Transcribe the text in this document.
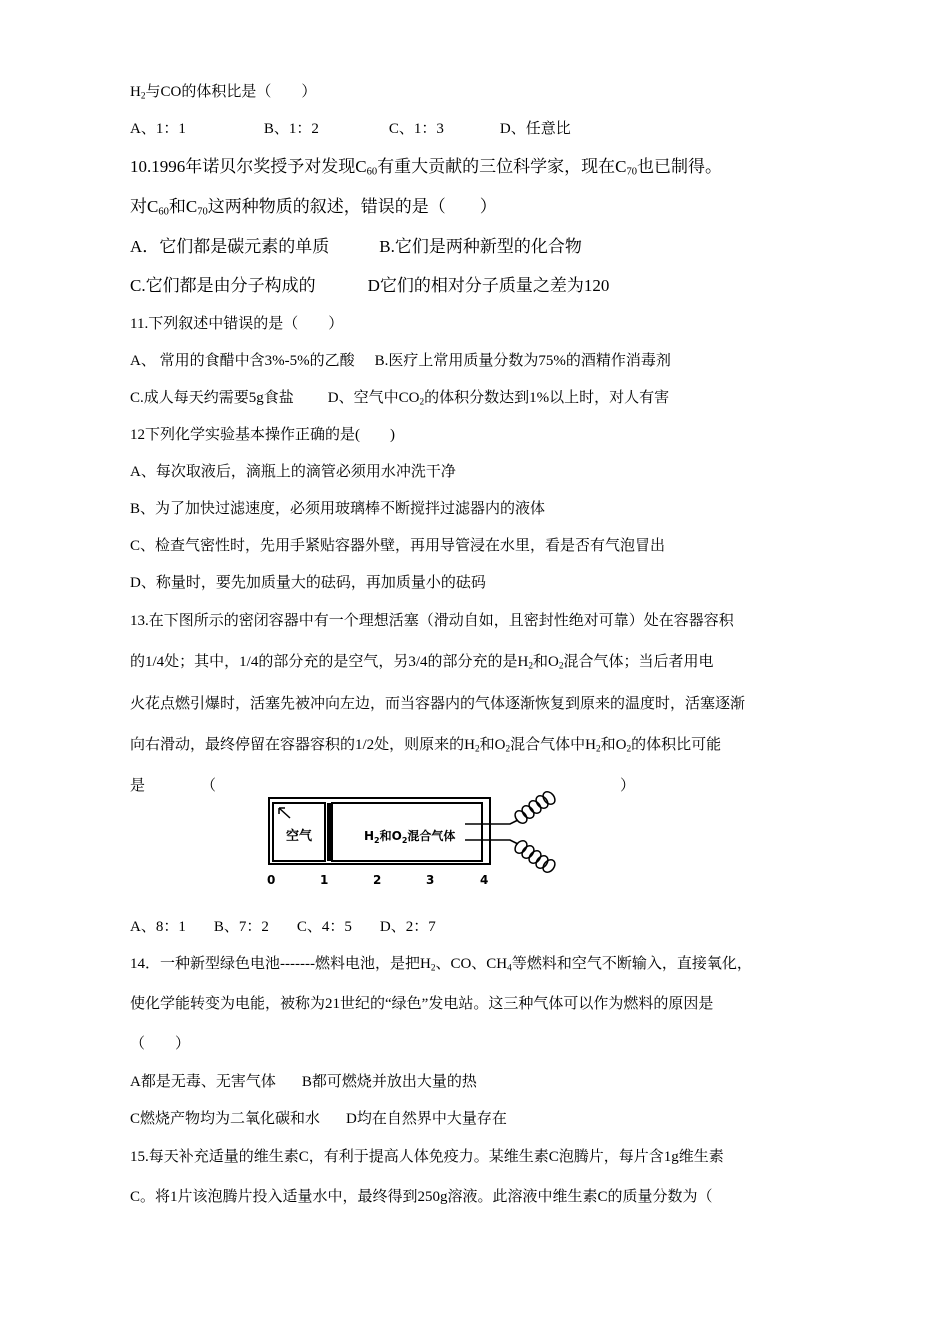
$H_2$与CO的体积比是（　　）
A、1：1	B、1：2	C、1：3	D、任意比
10.1996年诺贝尔奖授予对发现$C_{60}$有重大贡献的三位科学家，现在$C_{70}$也已制得。
对$C_{60}$和$C_{70}$这两种物质的叙述，错误的是（　　）
A．它们都是碳元素的单质	B.它们是两种新型的化合物
C.它们都是由分子构成的	D它们的相对分子质量之差为120
11.下列叙述中错误的是（　　）
A、 常用的食醋中含3%-5%的乙酸 B.医疗上常用质量分数为75%的酒精作消毒剂
C.成人每天约需要5g食盐 D、空气中$CO_2$的体积分数达到1%以上时，对人有害
12下列化学实验基本操作正确的是(　　)
A、每次取液后，滴瓶上的滴管必须用水冲洗干净
B、为了加快过滤速度，必须用玻璃棒不断搅拌过滤器内的液体
C、检查气密性时，先用手紧贴容器外壁，再用导管浸在水里，看是否有气泡冒出
D、称量时，要先加质量大的砝码，再加质量小的砝码
13.在下图所示的密闭容器中有一个理想活塞（滑动自如，且密封性绝对可靠）处在容器容积
的1/4处；其中，1/4的部分充的是空气，另3/4的部分充的是$H_2$和$O_2$混合气体；当后者用电
火花点燃引爆时，活塞先被冲向左边，而当容器内的气体逐渐恢复到原来的温度时，活塞逐渐
向右滑动，最终停留在容器容积的1/2处，则原来的$H_2$和$O_2$混合气体中$H_2$和$O_2$的体积比可能
是	（	）
空气	$H_2$和$O_2$混合气体
0	1	2	3	4
A、8：1 B、7：2 C、4：5 D、2：7
14．一种新型绿色电池-------燃料电池，是把$H_2$、CO、$CH_4$等燃料和空气不断输入，直接氧化，
使化学能转变为电能，被称为21世纪的“绿色”发电站。这三种气体可以作为燃料的原因是
（　　）
A都是无毒、无害气体 B都可燃烧并放出大量的热
C燃烧产物均为二氧化碳和水 D均在自然界中大量存在
15.每天补充适量的维生素C，有利于提高人体免疫力。某维生素C泡腾片，每片含1g维生素
C。将1片该泡腾片投入适量水中，最终得到250g溶液。此溶液中维生素C的质量分数为（
